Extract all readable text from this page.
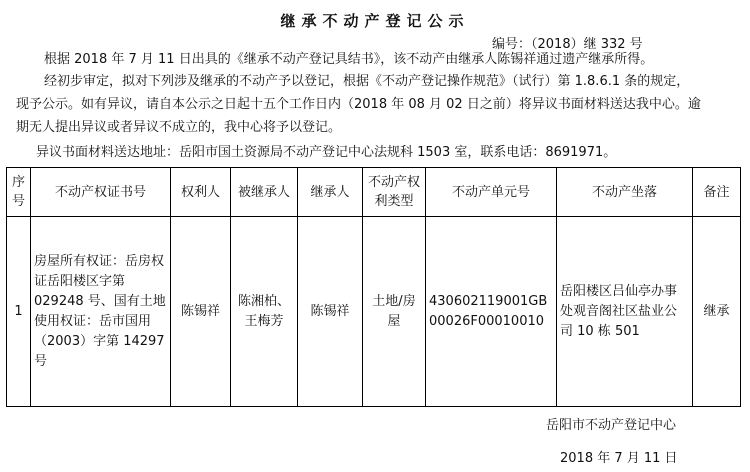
继承不动产登记公示
编号：（2018）继 332 号
根据 2018 年 7 月 11 日出具的《继承不动产登记具结书》，该不动产由继承人陈锡祥通过遗产继承所得。
经初步审定，拟对下列涉及继承的不动产予以登记，根据《不动产登记操作规范》（试行）第 1.8.6.1 条的规定，
现予公示。如有异议，请自本公示之日起十五个工作日内（2018 年 08 月 02 日之前）将异议书面材料送达我中心。逾
期无人提出异议或者异议不成立的，我中心将予以登记。
异议书面材料送达地址：岳阳市国土资源局不动产登记中心法规科 1503 室，联系电话：8691971。
序号	不动产权证书号	权利人	被继承人	继承人	不动产权利类型	不动产单元号	不动产坐落	备注
1	房屋所有权证：岳房权证岳阳楼区字第 029248 号、国有土地使用权证：岳市国用（2003）字第 14297 号	陈锡祥	陈湘柏、王梅芳	陈锡祥	土地/房屋	430602119001GB00026F00010010	岳阳楼区吕仙亭办事处观音阁社区盐业公司 10 栋 501	继承
岳阳市不动产登记中心
2018 年 7 月 11 日
